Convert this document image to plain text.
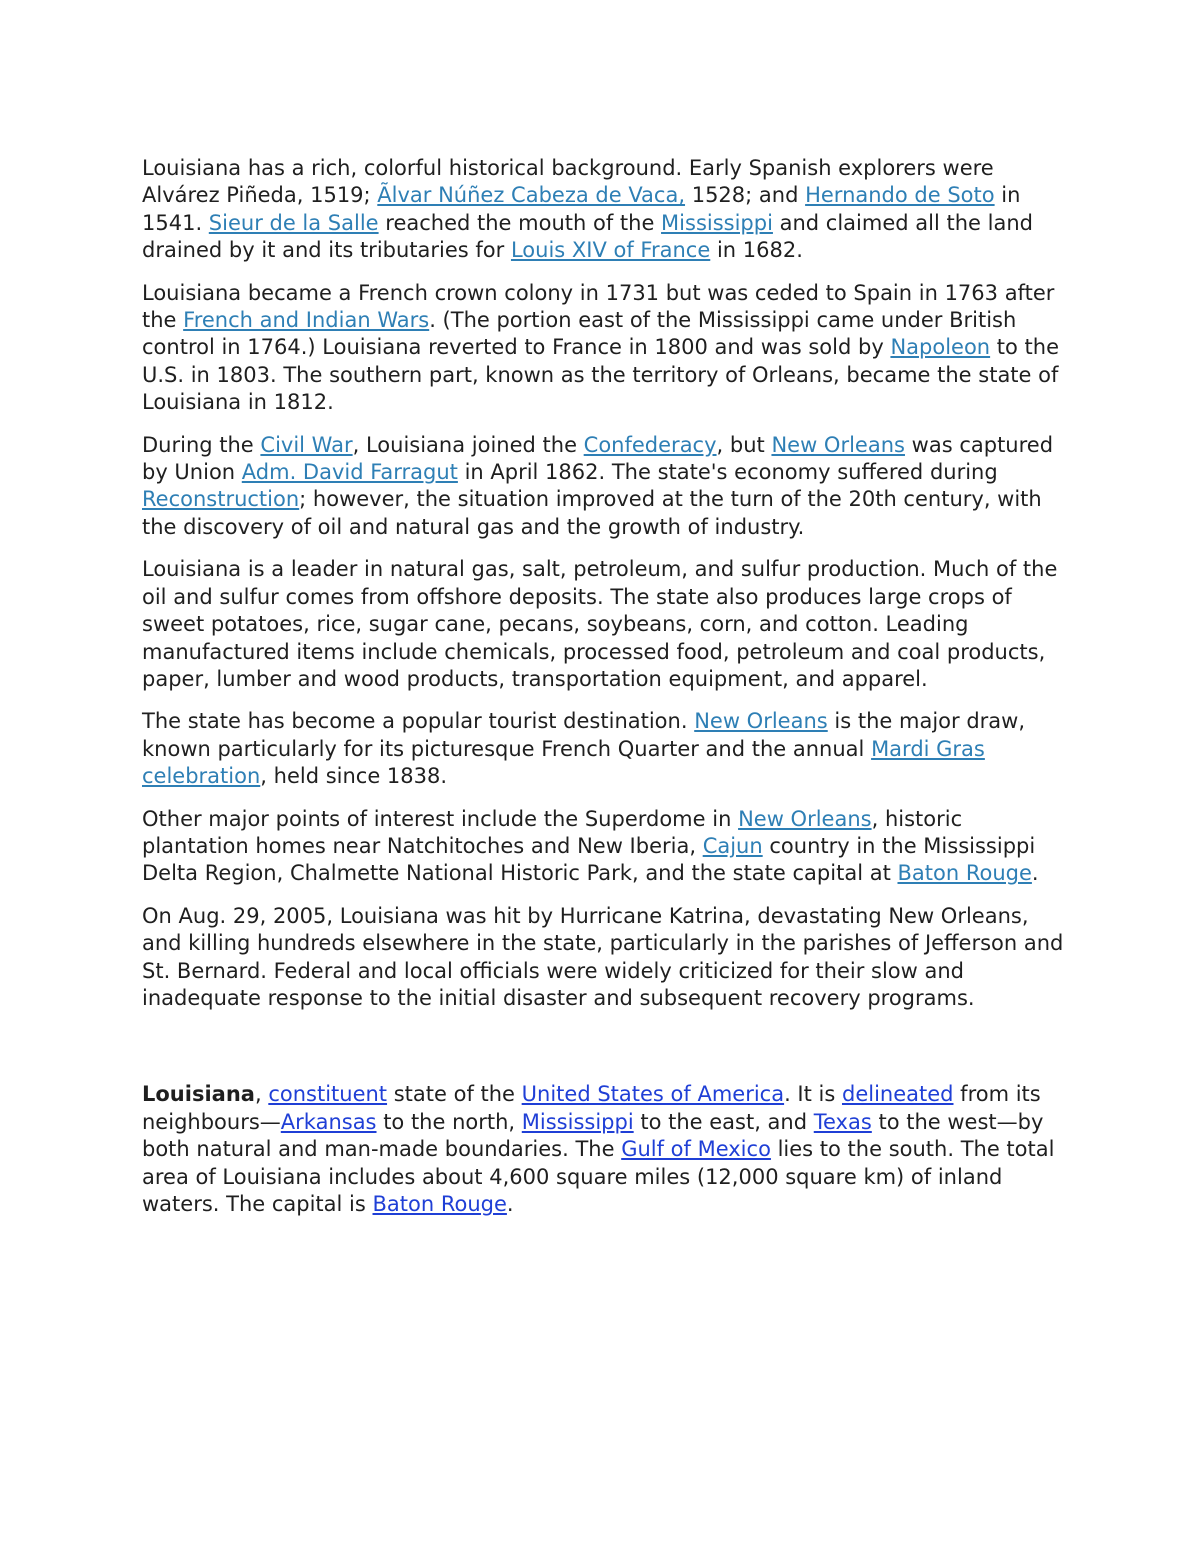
Louisiana has a rich, colorful historical background. Early Spanish explorers were Alvárez Piñeda, 1519; Ãlvar Núñez Cabeza de Vaca, 1528; and Hernando de Soto in 1541. Sieur de la Salle reached the mouth of the Mississippi and claimed all the land drained by it and its tributaries for Louis XIV of France in 1682.

Louisiana became a French crown colony in 1731 but was ceded to Spain in 1763 after the French and Indian Wars. (The portion east of the Mississippi came under British control in 1764.) Louisiana reverted to France in 1800 and was sold by Napoleon to the U.S. in 1803. The southern part, known as the territory of Orleans, became the state of Louisiana in 1812.

During the Civil War, Louisiana joined the Confederacy, but New Orleans was captured by Union Adm. David Farragut in April 1862. The state's economy suffered during Reconstruction; however, the situation improved at the turn of the 20th century, with the discovery of oil and natural gas and the growth of industry.

Louisiana is a leader in natural gas, salt, petroleum, and sulfur production. Much of the oil and sulfur comes from offshore deposits. The state also produces large crops of sweet potatoes, rice, sugar cane, pecans, soybeans, corn, and cotton. Leading manufactured items include chemicals, processed food, petroleum and coal products, paper, lumber and wood products, transportation equipment, and apparel.

The state has become a popular tourist destination. New Orleans is the major draw, known particularly for its picturesque French Quarter and the annual Mardi Gras celebration, held since 1838.

Other major points of interest include the Superdome in New Orleans, historic plantation homes near Natchitoches and New Iberia, Cajun country in the Mississippi Delta Region, Chalmette National Historic Park, and the state capital at Baton Rouge.

On Aug. 29, 2005, Louisiana was hit by Hurricane Katrina, devastating New Orleans, and killing hundreds elsewhere in the state, particularly in the parishes of Jefferson and St. Bernard. Federal and local officials were widely criticized for their slow and inadequate response to the initial disaster and subsequent recovery programs.

Louisiana, constituent state of the United States of America. It is delineated from its neighbours—Arkansas to the north, Mississippi to the east, and Texas to the west—by both natural and man-made boundaries. The Gulf of Mexico lies to the south. The total area of Louisiana includes about 4,600 square miles (12,000 square km) of inland waters. The capital is Baton Rouge.
